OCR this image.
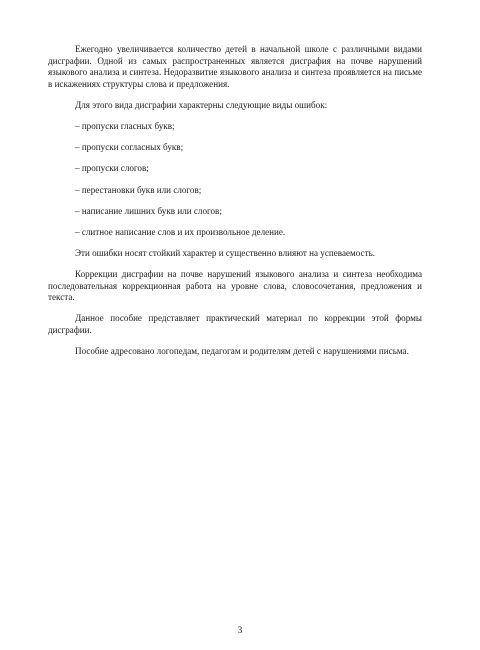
Ежегодно увеличивается количество детей в начальной школе с различными видами дисграфии. Одной из самых распространенных является дисграфия на почве нарушений языкового анализа и синтеза. Недоразвитие языкового анализа и синтеза проявляется на письме в искажениях структуры слова и предложения.

Для этого вида дисграфии характерны следующие виды ошибок:

– пропуски гласных букв;

– пропуски согласных букв;

– пропуски слогов;

– перестановки букв или слогов;

– написание лишних букв или слогов;

– слитное написание слов и их произвольное деление.

Эти ошибки носят стойкий характер и существенно влияют на успеваемость.

Коррекции дисграфии на почве нарушений языкового анализа и синтеза необходима последовательная коррекционная работа на уровне слова, словосочетания, предложения и текста.

Данное пособие представляет практический материал по коррекции этой формы дисграфии.

Пособие адресовано логопедам, педагогам и родителям детей с нарушениями письма.

3
